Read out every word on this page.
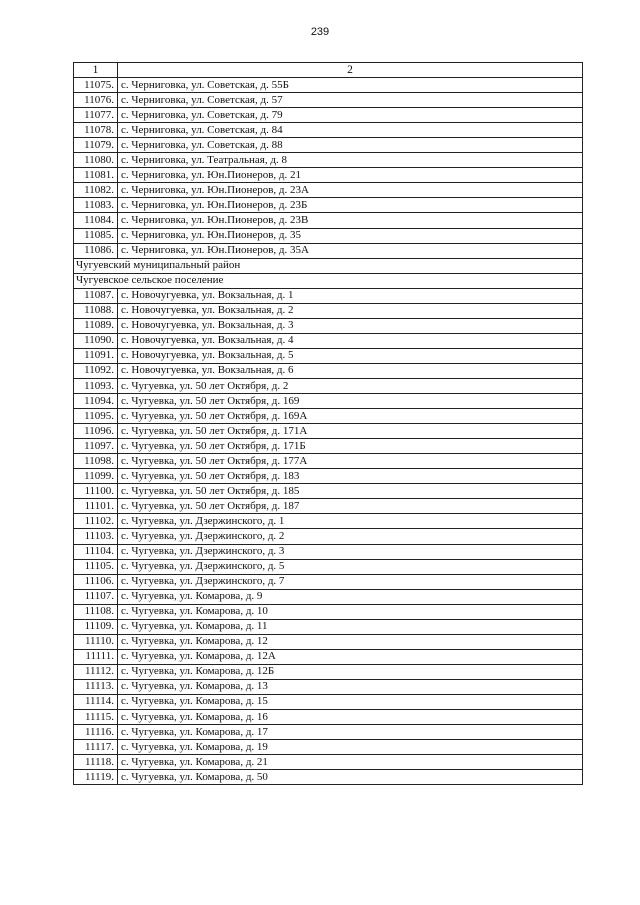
239
1	2
11075.	с. Черниговка, ул. Советская, д. 55Б
11076.	с. Черниговка, ул. Советская, д. 57
11077.	с. Черниговка, ул. Советская, д. 79
11078.	с. Черниговка, ул. Советская, д. 84
11079.	с. Черниговка, ул. Советская, д. 88
11080.	с. Черниговка, ул. Театральная, д. 8
11081.	с. Черниговка, ул. Юн.Пионеров, д. 21
11082.	с. Черниговка, ул. Юн.Пионеров, д. 23А
11083.	с. Черниговка, ул. Юн.Пионеров, д. 23Б
11084.	с. Черниговка, ул. Юн.Пионеров, д. 23В
11085.	с. Черниговка, ул. Юн.Пионеров, д. 35
11086.	с. Черниговка, ул. Юн.Пионеров, д. 35А
Чугуевский муниципальный район	
Чугуевское сельское поселение	
11087.	с. Новочугуевка, ул. Вокзальная, д. 1
11088.	с. Новочугуевка, ул. Вокзальная, д. 2
11089.	с. Новочугуевка, ул. Вокзальная, д. 3
11090.	с. Новочугуевка, ул. Вокзальная, д. 4
11091.	с. Новочугуевка, ул. Вокзальная, д. 5
11092.	с. Новочугуевка, ул. Вокзальная, д. 6
11093.	с. Чугуевка, ул. 50 лет Октября, д. 2
11094.	с. Чугуевка, ул. 50 лет Октября, д. 169
11095.	с. Чугуевка, ул. 50 лет Октября, д. 169А
11096.	с. Чугуевка, ул. 50 лет Октября, д. 171А
11097.	с. Чугуевка, ул. 50 лет Октября, д. 171Б
11098.	с. Чугуевка, ул. 50 лет Октября, д. 177А
11099.	с. Чугуевка, ул. 50 лет Октября, д. 183
11100.	с. Чугуевка, ул. 50 лет Октября, д. 185
11101.	с. Чугуевка, ул. 50 лет Октября, д. 187
11102.	с. Чугуевка, ул. Дзержинского, д. 1
11103.	с. Чугуевка, ул. Дзержинского, д. 2
11104.	с. Чугуевка, ул. Дзержинского, д. 3
11105.	с. Чугуевка, ул. Дзержинского, д. 5
11106.	с. Чугуевка, ул. Дзержинского, д. 7
11107.	с. Чугуевка, ул. Комарова, д. 9
11108.	с. Чугуевка, ул. Комарова, д. 10
11109.	с. Чугуевка, ул. Комарова, д. 11
11110.	с. Чугуевка, ул. Комарова, д. 12
11111.	с. Чугуевка, ул. Комарова, д. 12А
11112.	с. Чугуевка, ул. Комарова, д. 12Б
11113.	с. Чугуевка, ул. Комарова, д. 13
11114.	с. Чугуевка, ул. Комарова, д. 15
11115.	с. Чугуевка, ул. Комарова, д. 16
11116.	с. Чугуевка, ул. Комарова, д. 17
11117.	с. Чугуевка, ул. Комарова, д. 19
11118.	с. Чугуевка, ул. Комарова, д. 21
11119.	с. Чугуевка, ул. Комарова, д. 50
